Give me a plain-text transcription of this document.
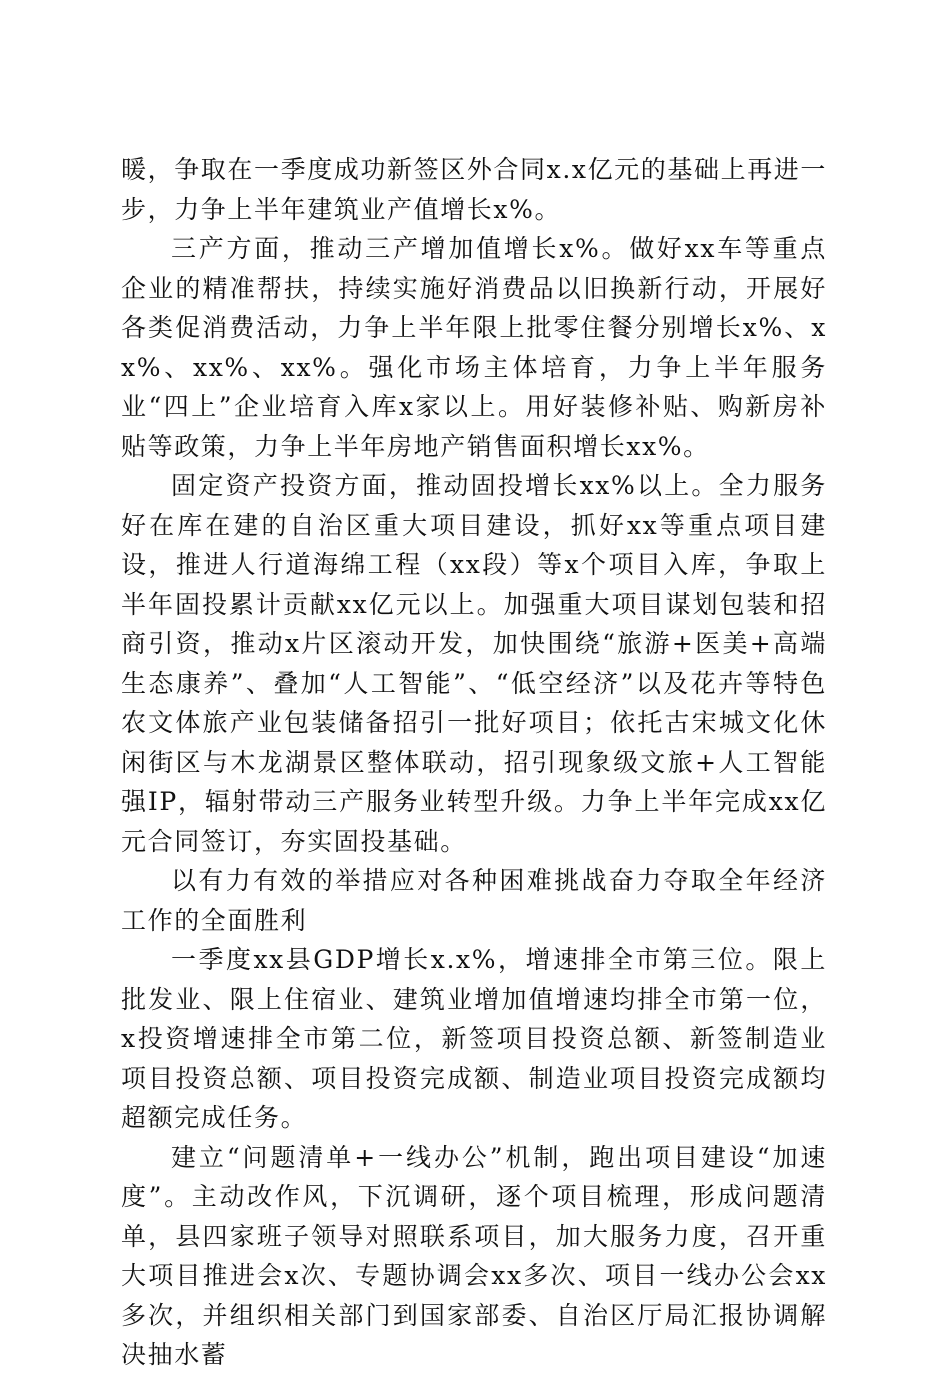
暖，争取在一季度成功新签区外合同x.x亿元的基础上再进一步，力争上半年建筑业产值增长x%。

三产方面，推动三产增加值增长x%。做好xx车等重点企业的精准帮扶，持续实施好消费品以旧换新行动，开展好各类促消费活动，力争上半年限上批零住餐分别增长x%、xx%、xx%、xx%。强化市场主体培育，力争上半年服务业“四上”企业培育入库x家以上。用好装修补贴、购新房补贴等政策，力争上半年房地产销售面积增长xx%。

固定资产投资方面，推动固投增长xx%以上。全力服务好在库在建的自治区重大项目建设，抓好xx等重点项目建设，推进人行道海绵工程（xx段）等x个项目入库，争取上半年固投累计贡献xx亿元以上。加强重大项目谋划包装和招商引资，推动x片区滚动开发，加快围绕“旅游+医美+高端生态康养”、叠加“人工智能”、“低空经济”以及花卉等特色农文体旅产业包装储备招引一批好项目；依托古宋城文化休闲街区与木龙湖景区整体联动，招引现象级文旅+人工智能强IP，辐射带动三产服务业转型升级。力争上半年完成xx亿元合同签订，夯实固投基础。

以有力有效的举措应对各种困难挑战奋力夺取全年经济工作的全面胜利

一季度xx县GDP增长x.x%，增速排全市第三位。限上批发业、限上住宿业、建筑业增加值增速均排全市第一位，x投资增速排全市第二位，新签项目投资总额、新签制造业项目投资总额、项目投资完成额、制造业项目投资完成额均超额完成任务。

建立“问题清单+一线办公”机制，跑出项目建设“加速度”。主动改作风，下沉调研，逐个项目梳理，形成问题清单，县四家班子领导对照联系项目，加大服务力度，召开重大项目推进会x次、专题协调会xx多次、项目一线办公会xx多次，并组织相关部门到国家部委、自治区厅局汇报协调解决抽水蓄
